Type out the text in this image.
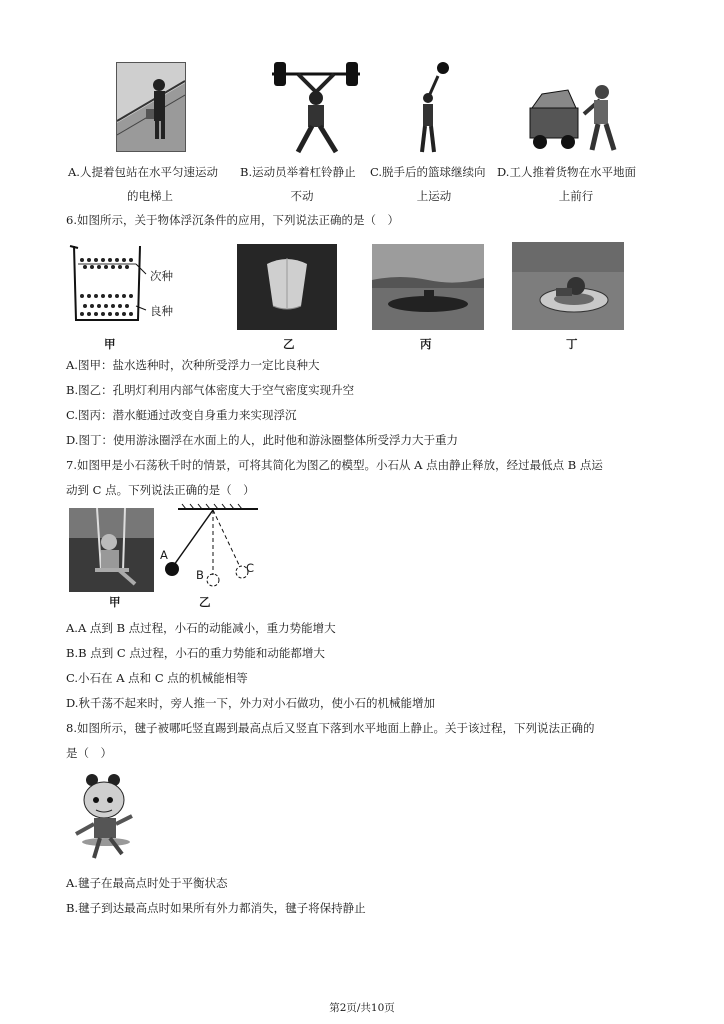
A.人提着包站在水平匀速运动
的电梯上
B.运动员举着杠铃静止
不动
C.脱手后的篮球继续向
上运动
D.工人推着货物在水平地面
上前行
6.如图所示，关于物体浮沉条件的应用，下列说法正确的是（　）
次种
良种
甲	乙	丙	丁
A.图甲：盐水选种时，次种所受浮力一定比良种大
B.图乙：孔明灯利用内部气体密度大于空气密度实现升空
C.图丙：潜水艇通过改变自身重力来实现浮沉
D.图丁：使用游泳圈浮在水面上的人，此时他和游泳圈整体所受浮力大于重力
7.如图甲是小石荡秋千时的情景，可将其简化为图乙的模型。小石从 A 点由静止释放，经过最低点 B 点运
动到 C 点。下列说法正确的是（　）
甲
A
B	C
乙
A.A 点到 B 点过程，小石的动能减小，重力势能增大
B.B 点到 C 点过程，小石的重力势能和动能都增大
C.小石在 A 点和 C 点的机械能相等
D.秋千荡不起来时，旁人推一下，外力对小石做功，使小石的机械能增加
8.如图所示，毽子被哪吒竖直踢到最高点后又竖直下落到水平地面上静止。关于该过程，下列说法正确的
是（　）
A.毽子在最高点时处于平衡状态
B.毽子到达最高点时如果所有外力都消失，毽子将保持静止
第2页/共10页
